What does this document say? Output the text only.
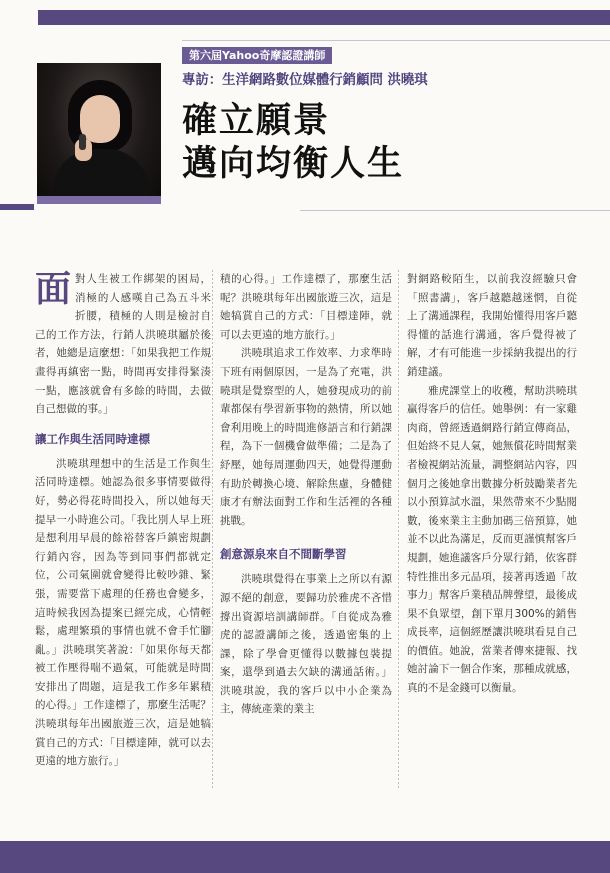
第六屆Yahoo奇摩認證講師
專訪：生洋網路數位媒體行銷顧問 洪曉琪
確立願景
邁向均衡人生
面 對人生被工作綁架的困局，消極的人感嘆自己為五斗米折腰，積極的人則是檢討自己的工作方法，行銷人洪曉琪屬於後者，她總是這麼想：「如果我把工作規畫得再縝密一點，時間再安排得緊湊一點，應該就會有多餘的時間，去做自己想做的事。」

讓工作與生活同時達標

洪曉琪理想中的生活是工作與生活同時達標。她認為很多事情要做得好，勢必得花時間投入，所以她每天提早一小時進公司。「我比別人早上班是想利用早晨的餘裕替客戶鎮密規劃行銷內容，因為等到同事們都就定位，公司氣圍就會變得比較吵雜、緊張，需要當下處理的任務也會變多，這時候我因為提案已經完成，心情輕鬆，處理繁瑣的事情也就不會手忙腳亂。」洪曉琪笑著說：「如果你每天都被工作壓得喘不過氣，可能就是時間安排出了問題，這是我工作多年累積的心得。」工作達標了，那麼生活呢？洪曉琪每年出國旅遊三次，這是她犒賞自己的方式：「目標達陣，就可以去更遠的地方旅行。」

積的心得。」工作達標了，那麼生活呢？洪曉琪每年出國旅遊三次，這是她犒賞自己的方式：「目標達陣，就可以去更遠的地方旅行。」

洪曉琪追求工作效率、力求準時下班有兩個原因，一是為了充電，洪曉琪是覺察型的人，她發現成功的前輩都保有學習新事物的熱情，所以她會利用晚上的時間進修語言和行銷課程，為下一個機會做準備；二是為了紓壓，她每周運動四天，她覺得運動有助於轉換心境、解除焦慮，身體健康才有辦法面對工作和生活裡的各種挑戰。

創意源泉來自不間斷學習

洪曉琪覺得在事業上之所以有源源不絕的創意，要歸功於雅虎不吝惜撐出資源培訓講師群。「自從成為雅虎的認證講師之後，透過密集的上課，除了學會更懂得以數據包裝提案，還學到過去欠缺的溝通話術。」洪曉琪說，我的客戶以中小企業為主，傳統產業的業主

對網路較陌生，以前我沒經驗只會「照書講」，客戶越聽越迷惘，自從上了溝通課程，我開始懂得用客戶聽得懂的話進行溝通，客戶覺得被了解，才有可能進一步採納我提出的行銷建議。

雅虎課堂上的收穫，幫助洪曉琪贏得客戶的信任。她舉例：有一家雞肉商，曾經透過網路行銷宣傳商品，但始終不見人氣，她無償花時間幫業者檢視網站流量，調整網站內容，四個月之後她拿出數據分析鼓勵業者先以小預算試水溫，果然帶來不少點閱數，後來業主主動加碼三倍預算，她並不以此為滿足，反而更謹慎幫客戶規劃，她進議客戶分眾行銷，依客群特性推出多元品項，接著再透過「故事力」幫客戶業積品牌聲望，最後成果不負眾望，創下單月300%的銷售成長率，這個經歷讓洪曉琪看見自己的價值。她說，當業者傳來捷報、找她討論下一個合作案，那種成就感，真的不是金錢可以衡量。
